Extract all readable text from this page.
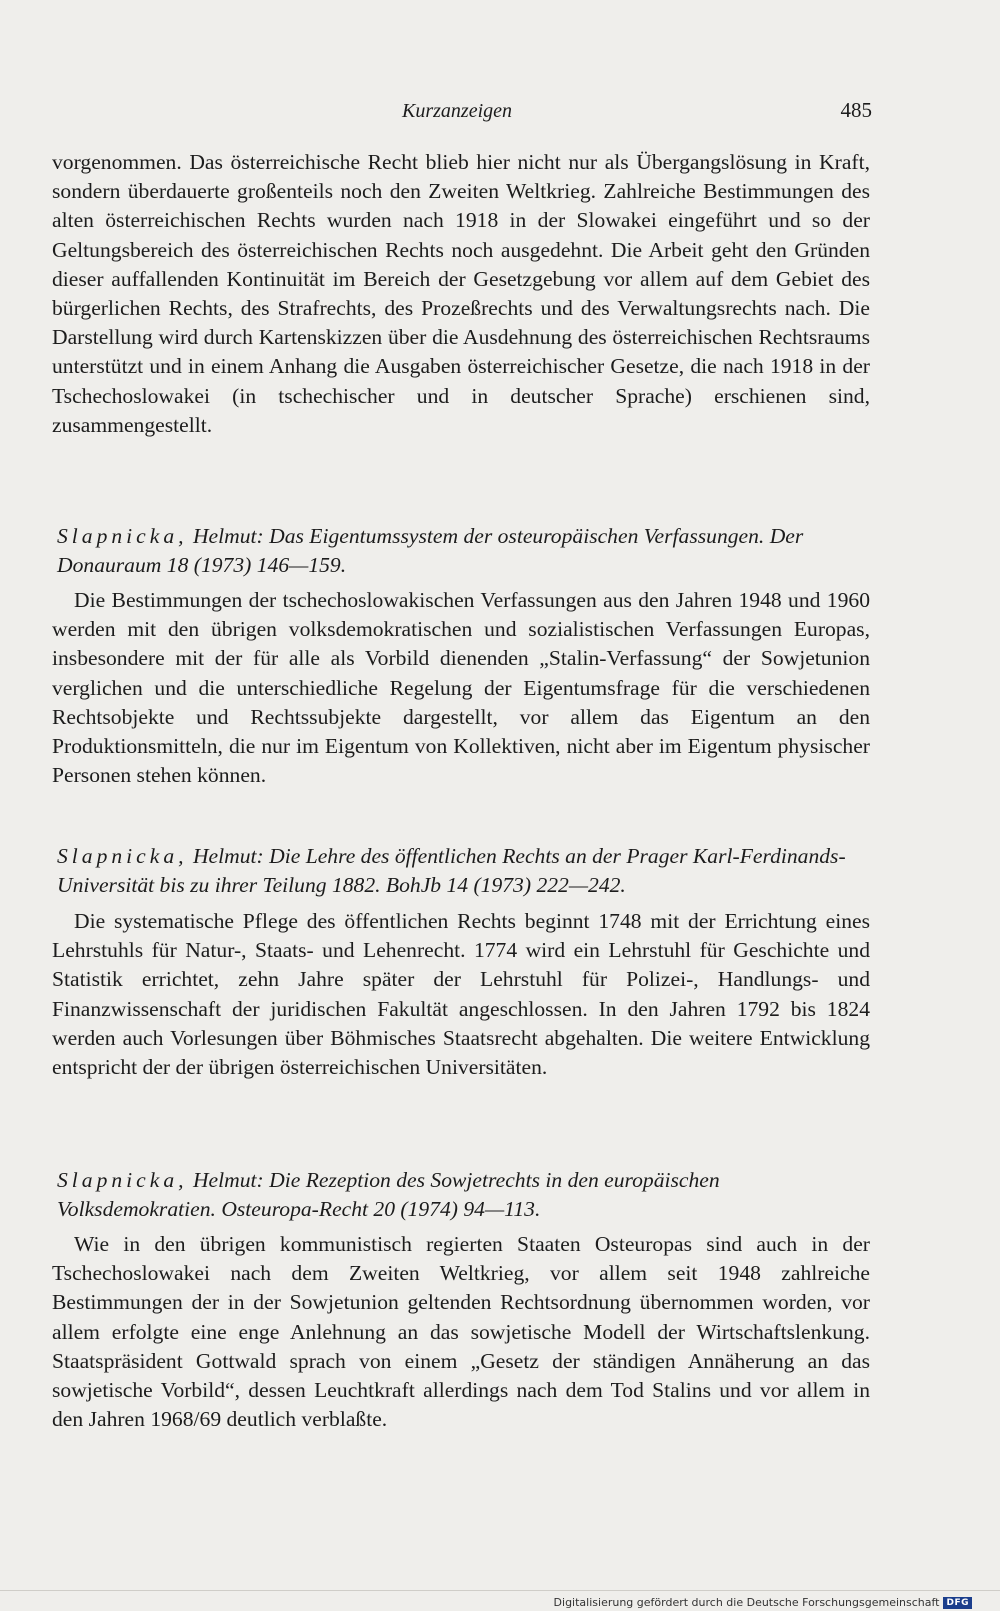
Kurzanzeigen	485

vorgenommen. Das österreichische Recht blieb hier nicht nur als Übergangslösung in Kraft, sondern überdauerte großenteils noch den Zweiten Weltkrieg. Zahlreiche Bestimmungen des alten österreichischen Rechts wurden nach 1918 in der Slowakei eingeführt und so der Geltungsbereich des österreichischen Rechts noch ausgedehnt. Die Arbeit geht den Gründen dieser auffallenden Kontinuität im Bereich der Gesetzgebung vor allem auf dem Gebiet des bürgerlichen Rechts, des Strafrechts, des Prozeßrechts und des Verwaltungsrechts nach. Die Darstellung wird durch Kartenskizzen über die Ausdehnung des österreichischen Rechtsraums unterstützt und in einem Anhang die Ausgaben österreichischer Gesetze, die nach 1918 in der Tschechoslowakei (in tschechischer und in deutscher Sprache) erschienen sind, zusammengestellt.

Slapnicka, Helmut: Das Eigentumssystem der osteuropäischen Verfassungen. Der Donauraum 18 (1973) 146—159.

Die Bestimmungen der tschechoslowakischen Verfassungen aus den Jahren 1948 und 1960 werden mit den übrigen volksdemokratischen und sozialistischen Verfassungen Europas, insbesondere mit der für alle als Vorbild dienenden „Stalin-Verfassung“ der Sowjetunion verglichen und die unterschiedliche Regelung der Eigentumsfrage für die verschiedenen Rechtsobjekte und Rechtssubjekte dargestellt, vor allem das Eigentum an den Produktionsmitteln, die nur im Eigentum von Kollektiven, nicht aber im Eigentum physischer Personen stehen können.

Slapnicka, Helmut: Die Lehre des öffentlichen Rechts an der Prager Karl-Ferdinands-Universität bis zu ihrer Teilung 1882. BohJb 14 (1973) 222—242.

Die systematische Pflege des öffentlichen Rechts beginnt 1748 mit der Errichtung eines Lehrstuhls für Natur-, Staats- und Lehenrecht. 1774 wird ein Lehrstuhl für Geschichte und Statistik errichtet, zehn Jahre später der Lehrstuhl für Polizei-, Handlungs- und Finanzwissenschaft der juridischen Fakultät angeschlossen. In den Jahren 1792 bis 1824 werden auch Vorlesungen über Böhmisches Staatsrecht abgehalten. Die weitere Entwicklung entspricht der der übrigen österreichischen Universitäten.

Slapnicka, Helmut: Die Rezeption des Sowjetrechts in den europäischen Volksdemokratien. Osteuropa-Recht 20 (1974) 94—113.

Wie in den übrigen kommunistisch regierten Staaten Osteuropas sind auch in der Tschechoslowakei nach dem Zweiten Weltkrieg, vor allem seit 1948 zahlreiche Bestimmungen der in der Sowjetunion geltenden Rechtsordnung übernommen worden, vor allem erfolgte eine enge Anlehnung an das sowjetische Modell der Wirtschaftslenkung. Staatspräsident Gottwald sprach von einem „Gesetz der ständigen Annäherung an das sowjetische Vorbild“, dessen Leuchtkraft allerdings nach dem Tod Stalins und vor allem in den Jahren 1968/69 deutlich verblaßte.

Digitalisierung gefördert durch die Deutsche Forschungsgemeinschaft DFG
